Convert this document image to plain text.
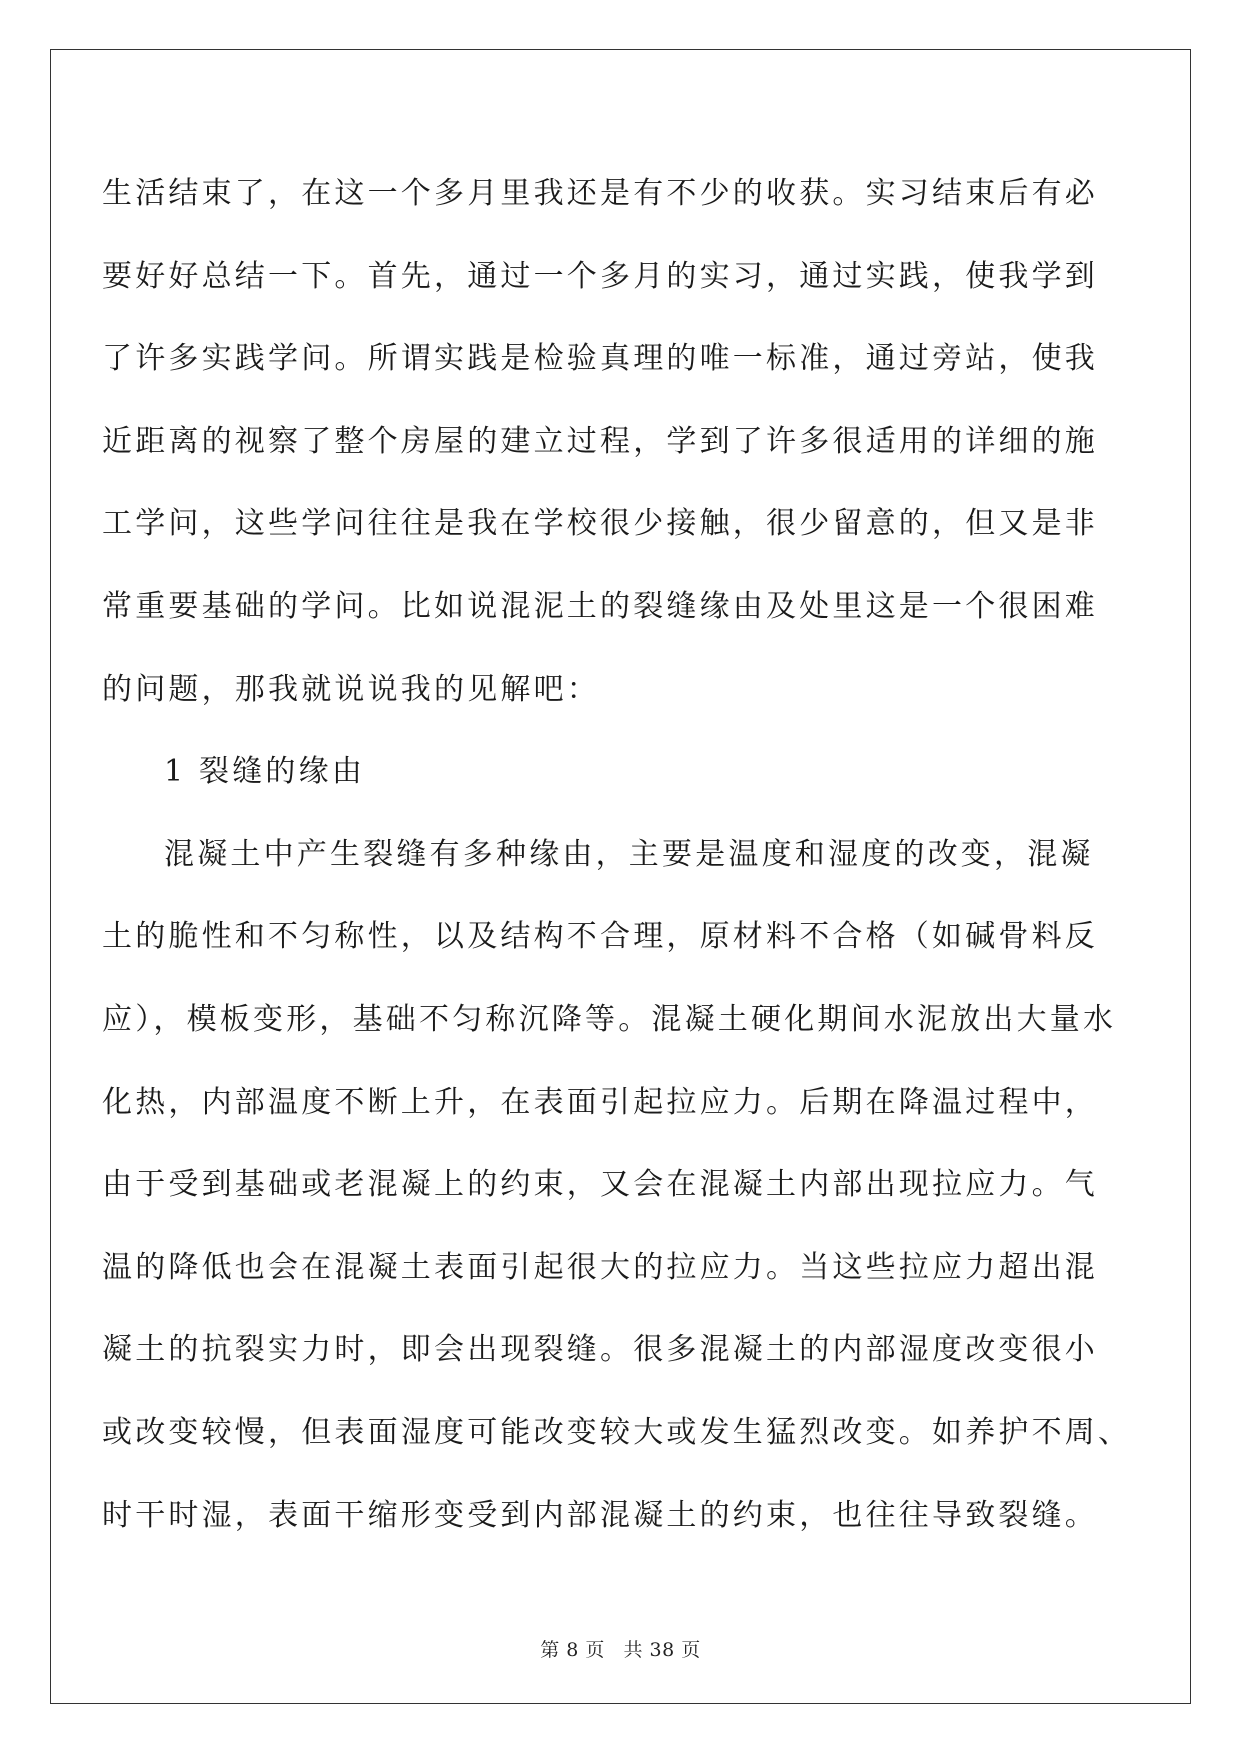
生活结束了，在这一个多月里我还是有不少的收获。实习结束后有必
要好好总结一下。首先，通过一个多月的实习，通过实践，使我学到
了许多实践学问。所谓实践是检验真理的唯一标准，通过旁站，使我
近距离的视察了整个房屋的建立过程，学到了许多很适用的详细的施
工学问，这些学问往往是我在学校很少接触，很少留意的，但又是非
常重要基础的学问。比如说混泥土的裂缝缘由及处里这是一个很困难
的问题，那我就说说我的见解吧：
1 裂缝的缘由
混凝土中产生裂缝有多种缘由，主要是温度和湿度的改变，混凝
土的脆性和不匀称性，以及结构不合理，原材料不合格（如碱骨料反
应），模板变形，基础不匀称沉降等。混凝土硬化期间水泥放出大量水
化热，内部温度不断上升，在表面引起拉应力。后期在降温过程中，
由于受到基础或老混凝上的约束，又会在混凝土内部出现拉应力。气
温的降低也会在混凝土表面引起很大的拉应力。当这些拉应力超出混
凝土的抗裂实力时，即会出现裂缝。很多混凝土的内部湿度改变很小
或改变较慢，但表面湿度可能改变较大或发生猛烈改变。如养护不周、
时干时湿，表面干缩形变受到内部混凝土的约束，也往往导致裂缝。
第 8 页 共 38 页
